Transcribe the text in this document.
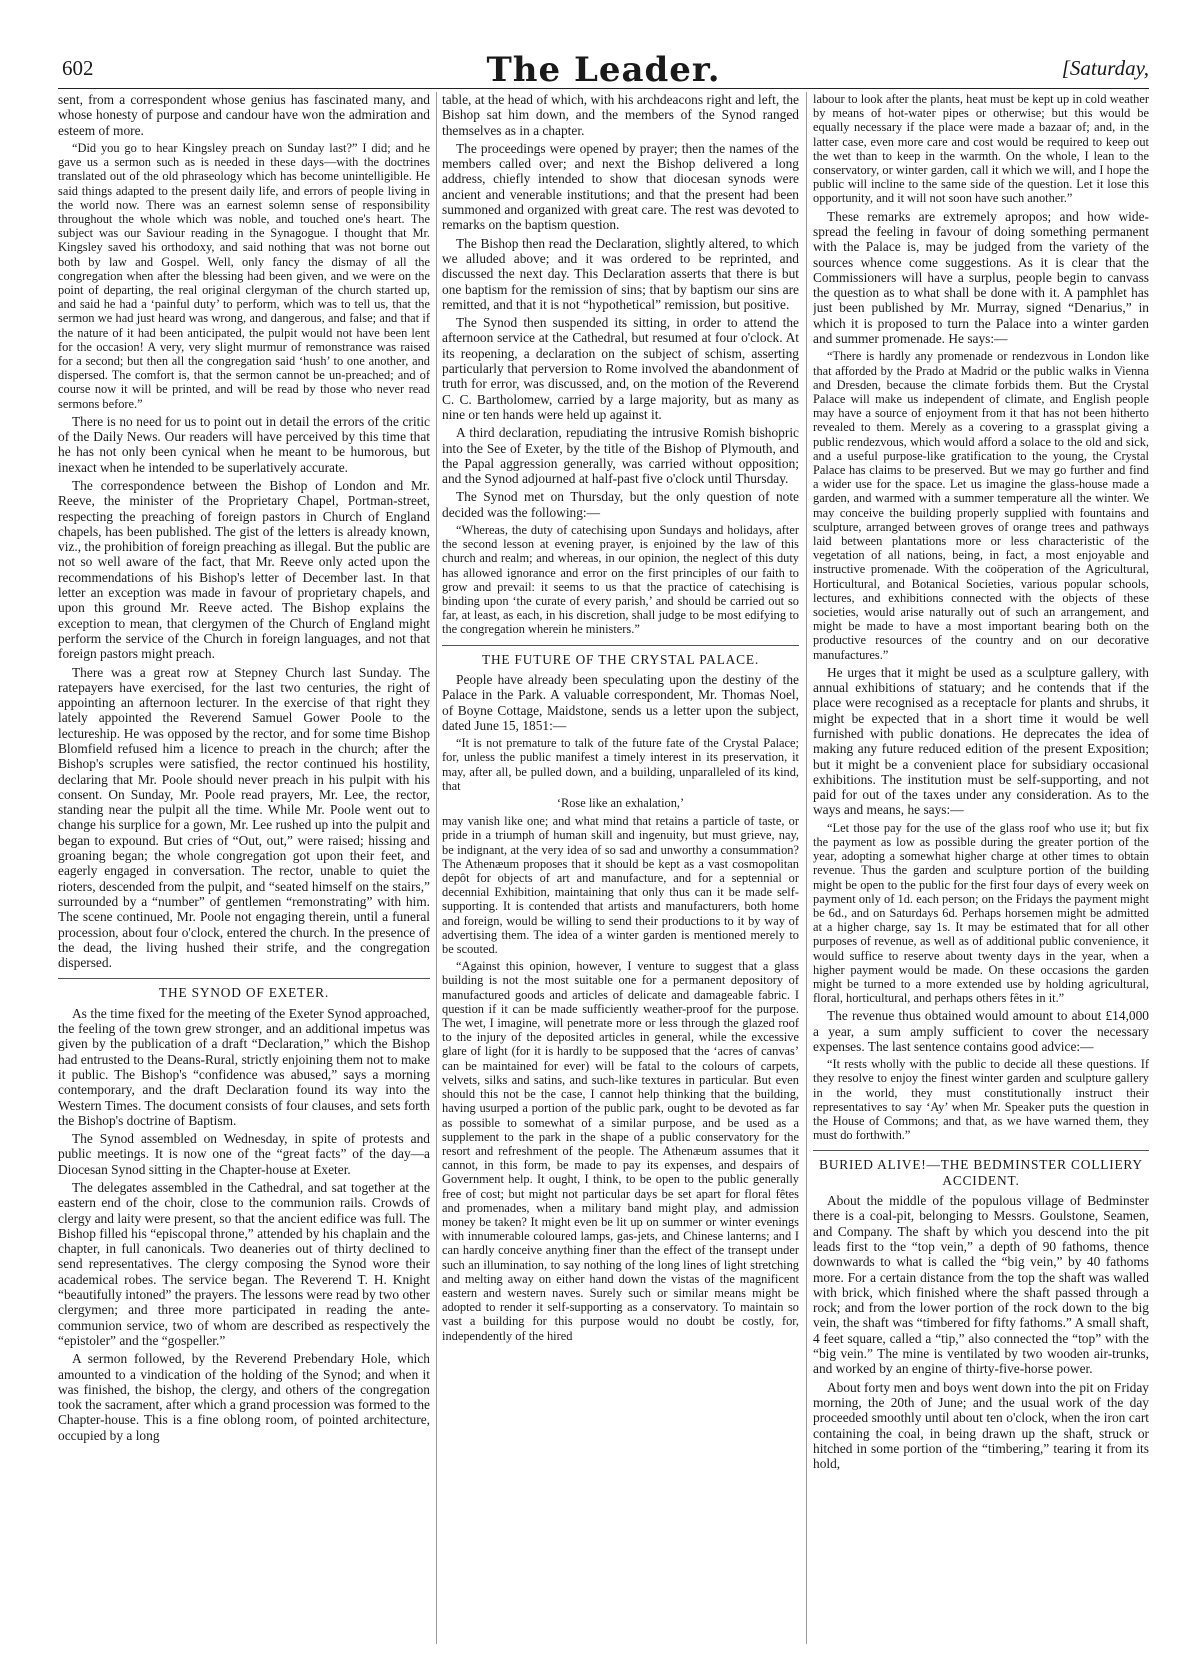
602	The Leader.	[Saturday,

sent, from a correspondent whose genius has fascinated many, and whose honesty of purpose and candour have won the admiration and esteem of more.

“Did you go to hear Kingsley preach on Sunday last?” I did; and he gave us a sermon such as is needed in these days—with the doctrines translated out of the old phraseology which has become unintelligible. He said things adapted to the present daily life, and errors of people living in the world now. There was an earnest solemn sense of responsibility throughout the whole which was noble, and touched one's heart. The subject was our Saviour reading in the Synagogue. I thought that Mr. Kingsley saved his orthodoxy, and said nothing that was not borne out both by law and Gospel. Well, only fancy the dismay of all the congregation when after the blessing had been given, and we were on the point of departing, the real original clergyman of the church started up, and said he had a ‘painful duty’ to perform, which was to tell us, that the sermon we had just heard was wrong, and dangerous, and false; and that if the nature of it had been anticipated, the pulpit would not have been lent for the occasion! A very, very slight murmur of remonstrance was raised for a second; but then all the congregation said ‘hush’ to one another, and dispersed. The comfort is, that the sermon cannot be un-preached; and of course now it will be printed, and will be read by those who never read sermons before.”

There is no need for us to point out in detail the errors of the critic of the Daily News. Our readers will have perceived by this time that he has not only been cynical when he meant to be humorous, but inexact when he intended to be superlatively accurate.

The correspondence between the Bishop of London and Mr. Reeve, the minister of the Proprietary Chapel, Portman-street, respecting the preaching of foreign pastors in Church of England chapels, has been published. The gist of the letters is already known, viz., the prohibition of foreign preaching as illegal. But the public are not so well aware of the fact, that Mr. Reeve only acted upon the recommendations of his Bishop's letter of December last. In that letter an exception was made in favour of proprietary chapels, and upon this ground Mr. Reeve acted. The Bishop explains the exception to mean, that clergymen of the Church of England might perform the service of the Church in foreign languages, and not that foreign pastors might preach.

There was a great row at Stepney Church last Sunday. The ratepayers have exercised, for the last two centuries, the right of appointing an afternoon lecturer. In the exercise of that right they lately appointed the Reverend Samuel Gower Poole to the lectureship. He was opposed by the rector, and for some time Bishop Blomfield refused him a licence to preach in the church; after the Bishop's scruples were satisfied, the rector continued his hostility, declaring that Mr. Poole should never preach in his pulpit with his consent. On Sunday, Mr. Poole read prayers, Mr. Lee, the rector, standing near the pulpit all the time. While Mr. Poole went out to change his surplice for a gown, Mr. Lee rushed up into the pulpit and began to expound. But cries of “Out, out,” were raised; hissing and groaning began; the whole congregation got upon their feet, and eagerly engaged in conversation. The rector, unable to quiet the rioters, descended from the pulpit, and “seated himself on the stairs,” surrounded by a “number” of gentlemen “remonstrating” with him. The scene continued, Mr. Poole not engaging therein, until a funeral procession, about four o'clock, entered the church. In the presence of the dead, the living hushed their strife, and the congregation dispersed.

THE SYNOD OF EXETER.

As the time fixed for the meeting of the Exeter Synod approached, the feeling of the town grew stronger, and an additional impetus was given by the publication of a draft “Declaration,” which the Bishop had entrusted to the Deans-Rural, strictly enjoining them not to make it public. The Bishop's “confidence was abused,” says a morning contemporary, and the draft Declaration found its way into the Western Times. The document consists of four clauses, and sets forth the Bishop's doctrine of Baptism.

The Synod assembled on Wednesday, in spite of protests and public meetings. It is now one of the “great facts” of the day—a Diocesan Synod sitting in the Chapter-house at Exeter.

The delegates assembled in the Cathedral, and sat together at the eastern end of the choir, close to the communion rails. Crowds of clergy and laity were present, so that the ancient edifice was full. The Bishop filled his “episcopal throne,” attended by his chaplain and the chapter, in full canonicals. Two deaneries out of thirty declined to send representatives. The clergy composing the Synod wore their academical robes. The service began. The Reverend T. H. Knight “beautifully intoned” the prayers. The lessons were read by two other clergymen; and three more participated in reading the ante-communion service, two of whom are described as respectively the “epistoler” and the “gospeller.”

A sermon followed, by the Reverend Prebendary Hole, which amounted to a vindication of the holding of the Synod; and when it was finished, the bishop, the clergy, and others of the congregation took the sacrament, after which a grand procession was formed to the Chapter-house. This is a fine oblong room, of pointed architecture, occupied by a long

table, at the head of which, with his archdeacons right and left, the Bishop sat him down, and the members of the Synod ranged themselves as in a chapter.

The proceedings were opened by prayer; then the names of the members called over; and next the Bishop delivered a long address, chiefly intended to show that diocesan synods were ancient and venerable institutions; and that the present had been summoned and organized with great care. The rest was devoted to remarks on the baptism question.

The Bishop then read the Declaration, slightly altered, to which we alluded above; and it was ordered to be reprinted, and discussed the next day. This Declaration asserts that there is but one baptism for the remission of sins; that by baptism our sins are remitted, and that it is not “hypothetical” remission, but positive.

The Synod then suspended its sitting, in order to attend the afternoon service at the Cathedral, but resumed at four o'clock. At its reopening, a declaration on the subject of schism, asserting particularly that perversion to Rome involved the abandonment of truth for error, was discussed, and, on the motion of the Reverend C. C. Bartholomew, carried by a large majority, but as many as nine or ten hands were held up against it.

A third declaration, repudiating the intrusive Romish bishopric into the See of Exeter, by the title of the Bishop of Plymouth, and the Papal aggression generally, was carried without opposition; and the Synod adjourned at half-past five o'clock until Thursday.

The Synod met on Thursday, but the only question of note decided was the following:—

“Whereas, the duty of catechising upon Sundays and holidays, after the second lesson at evening prayer, is enjoined by the law of this church and realm; and whereas, in our opinion, the neglect of this duty has allowed ignorance and error on the first principles of our faith to grow and prevail: it seems to us that the practice of catechising is binding upon ‘the curate of every parish,’ and should be carried out so far, at least, as each, in his discretion, shall judge to be most edifying to the congregation wherein he ministers.”

THE FUTURE OF THE CRYSTAL PALACE.

People have already been speculating upon the destiny of the Palace in the Park. A valuable correspondent, Mr. Thomas Noel, of Boyne Cottage, Maidstone, sends us a letter upon the subject, dated June 15, 1851:—

“It is not premature to talk of the future fate of the Crystal Palace; for, unless the public manifest a timely interest in its preservation, it may, after all, be pulled down, and a building, unparalleled of its kind, that

‘Rose like an exhalation,’

may vanish like one; and what mind that retains a particle of taste, or pride in a triumph of human skill and ingenuity, but must grieve, nay, be indignant, at the very idea of so sad and unworthy a consummation? The Athenæum proposes that it should be kept as a vast cosmopolitan depôt for objects of art and manufacture, and for a septennial or decennial Exhibition, maintaining that only thus can it be made self-supporting. It is contended that artists and manufacturers, both home and foreign, would be willing to send their productions to it by way of advertising them. The idea of a winter garden is mentioned merely to be scouted.

“Against this opinion, however, I venture to suggest that a glass building is not the most suitable one for a permanent depository of manufactured goods and articles of delicate and damageable fabric. I question if it can be made sufficiently weather-proof for the purpose. The wet, I imagine, will penetrate more or less through the glazed roof to the injury of the deposited articles in general, while the excessive glare of light (for it is hardly to be supposed that the ‘acres of canvas’ can be maintained for ever) will be fatal to the colours of carpets, velvets, silks and satins, and such-like textures in particular. But even should this not be the case, I cannot help thinking that the building, having usurped a portion of the public park, ought to be devoted as far as possible to somewhat of a similar purpose, and be used as a supplement to the park in the shape of a public conservatory for the resort and refreshment of the people. The Athenæum assumes that it cannot, in this form, be made to pay its expenses, and despairs of Government help. It ought, I think, to be open to the public generally free of cost; but might not particular days be set apart for floral fêtes and promenades, when a military band might play, and admission money be taken? It might even be lit up on summer or winter evenings with innumerable coloured lamps, gas-jets, and Chinese lanterns; and I can hardly conceive anything finer than the effect of the transept under such an illumination, to say nothing of the long lines of light stretching and melting away on either hand down the vistas of the magnificent eastern and western naves. Surely such or similar means might be adopted to render it self-supporting as a conservatory. To maintain so vast a building for this purpose would no doubt be costly, for, independently of the hired

labour to look after the plants, heat must be kept up in cold weather by means of hot-water pipes or otherwise; but this would be equally necessary if the place were made a bazaar of; and, in the latter case, even more care and cost would be required to keep out the wet than to keep in the warmth. On the whole, I lean to the conservatory, or winter garden, call it which we will, and I hope the public will incline to the same side of the question. Let it lose this opportunity, and it will not soon have such another.”

These remarks are extremely apropos; and how wide-spread the feeling in favour of doing something permanent with the Palace is, may be judged from the variety of the sources whence come suggestions. As it is clear that the Commissioners will have a surplus, people begin to canvass the question as to what shall be done with it. A pamphlet has just been published by Mr. Murray, signed “Denarius,” in which it is proposed to turn the Palace into a winter garden and summer promenade. He says:—

“There is hardly any promenade or rendezvous in London like that afforded by the Prado at Madrid or the public walks in Vienna and Dresden, because the climate forbids them. But the Crystal Palace will make us independent of climate, and English people may have a source of enjoyment from it that has not been hitherto revealed to them. Merely as a covering to a grassplat giving a public rendezvous, which would afford a solace to the old and sick, and a useful purpose-like gratification to the young, the Crystal Palace has claims to be preserved. But we may go further and find a wider use for the space. Let us imagine the glass-house made a garden, and warmed with a summer temperature all the winter. We may conceive the building properly supplied with fountains and sculpture, arranged between groves of orange trees and pathways laid between plantations more or less characteristic of the vegetation of all nations, being, in fact, a most enjoyable and instructive promenade. With the coöperation of the Agricultural, Horticultural, and Botanical Societies, various popular schools, lectures, and exhibitions connected with the objects of these societies, would arise naturally out of such an arrangement, and might be made to have a most important bearing both on the productive resources of the country and on our decorative manufactures.”

He urges that it might be used as a sculpture gallery, with annual exhibitions of statuary; and he contends that if the place were recognised as a receptacle for plants and shrubs, it might be expected that in a short time it would be well furnished with public donations. He deprecates the idea of making any future reduced edition of the present Exposition; but it might be a convenient place for subsidiary occasional exhibitions. The institution must be self-supporting, and not paid for out of the taxes under any consideration. As to the ways and means, he says:—

“Let those pay for the use of the glass roof who use it; but fix the payment as low as possible during the greater portion of the year, adopting a somewhat higher charge at other times to obtain revenue. Thus the garden and sculpture portion of the building might be open to the public for the first four days of every week on payment only of 1d. each person; on the Fridays the payment might be 6d., and on Saturdays 6d. Perhaps horsemen might be admitted at a higher charge, say 1s. It may be estimated that for all other purposes of revenue, as well as of additional public convenience, it would suffice to reserve about twenty days in the year, when a higher payment would be made. On these occasions the garden might be turned to a more extended use by holding agricultural, floral, horticultural, and perhaps others fêtes in it.”

The revenue thus obtained would amount to about £14,000 a year, a sum amply sufficient to cover the necessary expenses. The last sentence contains good advice:—

“It rests wholly with the public to decide all these questions. If they resolve to enjoy the finest winter garden and sculpture gallery in the world, they must constitutionally instruct their representatives to say ‘Ay’ when Mr. Speaker puts the question in the House of Commons; and that, as we have warned them, they must do forthwith.”

BURIED ALIVE!—THE BEDMINSTER COLLIERY ACCIDENT.

About the middle of the populous village of Bedminster there is a coal-pit, belonging to Messrs. Goulstone, Seamen, and Company. The shaft by which you descend into the pit leads first to the “top vein,” a depth of 90 fathoms, thence downwards to what is called the “big vein,” by 40 fathoms more. For a certain distance from the top the shaft was walled with brick, which finished where the shaft passed through a rock; and from the lower portion of the rock down to the big vein, the shaft was “timbered for fifty fathoms.” A small shaft, 4 feet square, called a “tip,” also connected the “top” with the “big vein.” The mine is ventilated by two wooden air-trunks, and worked by an engine of thirty-five-horse power.

About forty men and boys went down into the pit on Friday morning, the 20th of June; and the usual work of the day proceeded smoothly until about ten o'clock, when the iron cart containing the coal, in being drawn up the shaft, struck or hitched in some portion of the “timbering,” tearing it from its hold,
